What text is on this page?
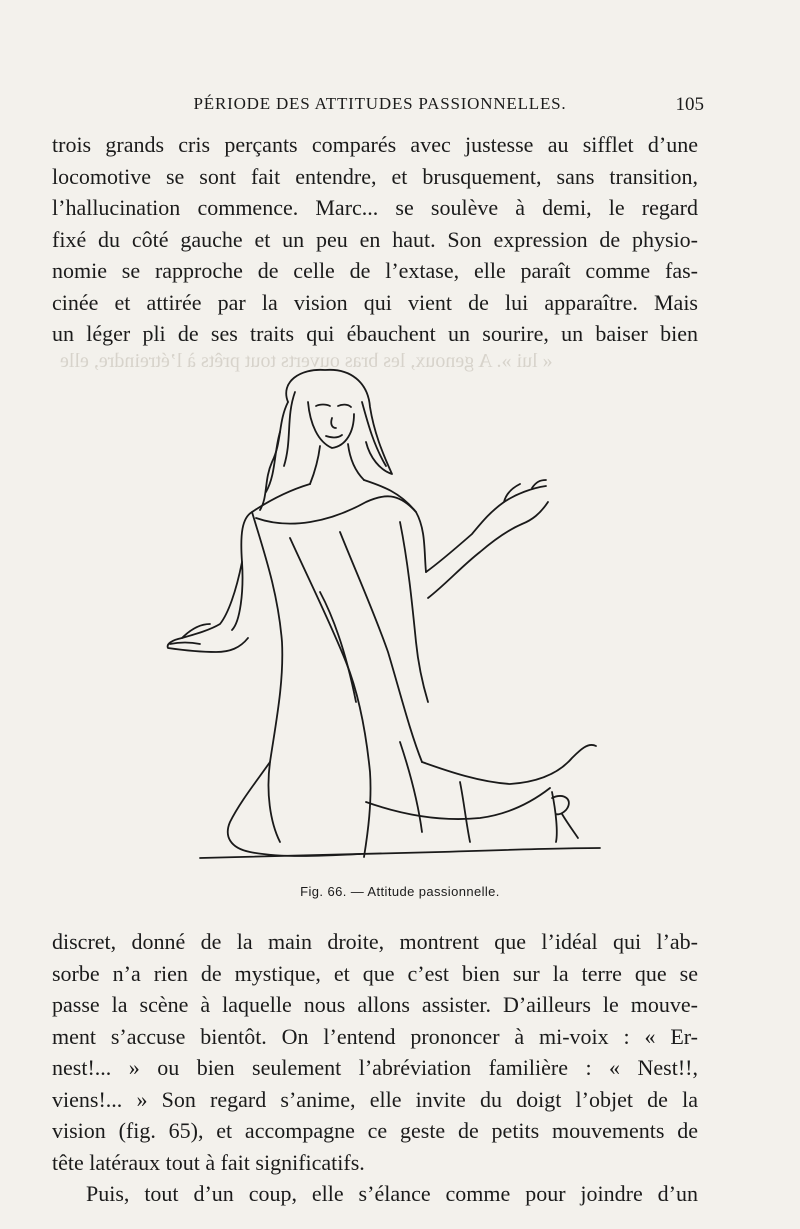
PÉRIODE DES ATTITUDES PASSIONNELLES.	105
« lui ». A genoux, les bras ouverts tout prêts à l’étreindre, elle
trois grands cris perçants comparés avec justesse au sifflet d’une
locomotive se sont fait entendre, et brusquement, sans transition,
l’hallucination commence. Marc... se soulève à demi, le regard
fixé du côté gauche et un peu en haut. Son expression de physio-
nomie se rapproche de celle de l’extase, elle paraît comme fas-
cinée et attirée par la vision qui vient de lui apparaître. Mais
un léger pli de ses traits qui ébauchent un sourire, un baiser bien
Fig. 66. — Attitude passionnelle.
discret, donné de la main droite, montrent que l’idéal qui l’ab-
sorbe n’a rien de mystique, et que c’est bien sur la terre que se
passe la scène à laquelle nous allons assister. D’ailleurs le mouve-
ment s’accuse bientôt. On l’entend prononcer à mi-voix : « Er-
nest!... » ou bien seulement l’abréviation familière : « Nest!!,
viens!... » Son regard s’anime, elle invite du doigt l’objet de la
vision (fig. 65), et accompagne ce geste de petits mouvements de
tête latéraux tout à fait significatifs.
Puis, tout d’un coup, elle s’élance comme pour joindre d’un
